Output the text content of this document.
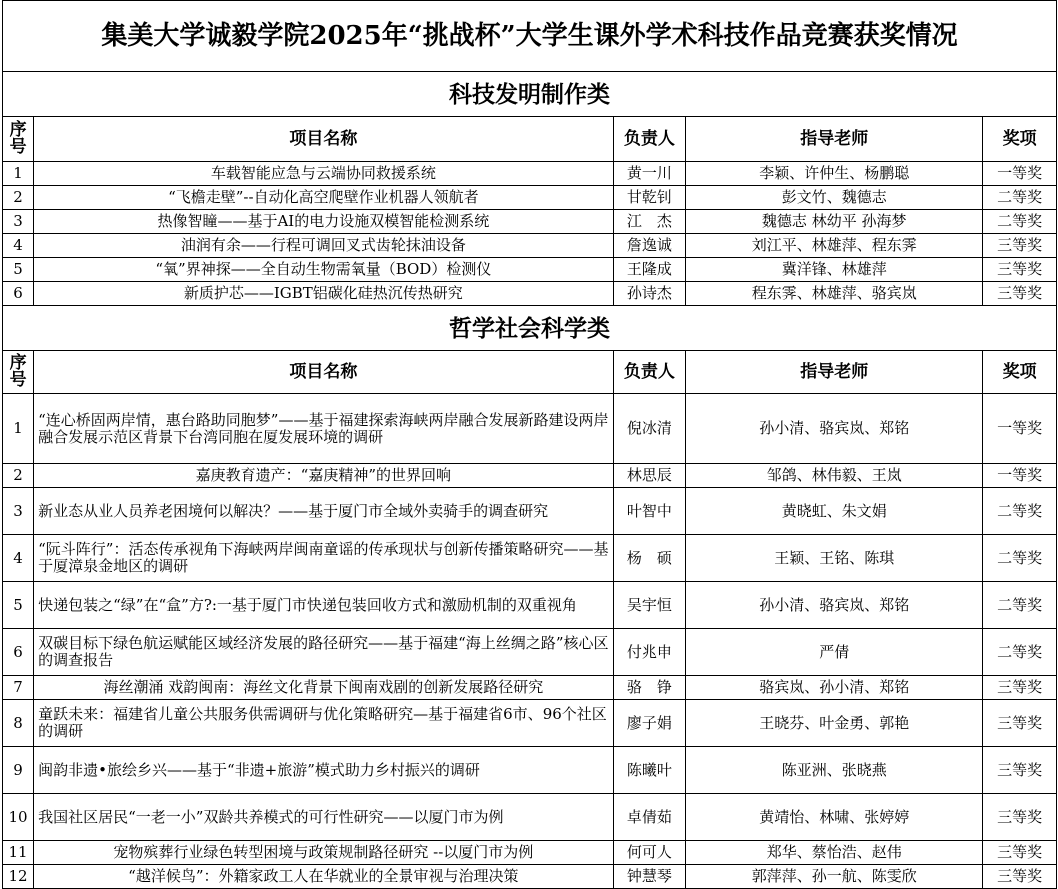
集美大学诚毅学院2025年“挑战杯”大学生课外学术科技作品竞赛获奖情况				
科技发明制作类				
序号	项目名称	负责人	指导老师	奖项
1	车载智能应急与云端协同救援系统	黄一川	李颖、许仲生、杨鹏聪	一等奖
2	“飞檐走壁”--自动化高空爬壁作业机器人领航者	甘乾钊	彭文竹、魏德志	二等奖
3	热像智瞳——基于AI的电力设施双模智能检测系统	江　杰	魏德志 林幼平 孙海梦	二等奖
4	油润有余——行程可调回叉式齿轮抹油设备	詹逸诚	刘江平、林雄萍、程东霁	三等奖
5	“氧”界神探——全自动生物需氧量（BOD）检测仪	王隆成	冀洋锋、林雄萍	三等奖
6	新质护芯——IGBT铝碳化硅热沉传热研究	孙诗杰	程东霁、林雄萍、骆宾岚	三等奖
哲学社会科学类				
序号	项目名称	负责人	指导老师	奖项
1	“连心桥固两岸情，惠台路助同胞梦”——基于福建探索海峡两岸融合发展新路建设两岸融合发展示范区背景下台湾同胞在厦发展环境的调研	倪冰清	孙小清、骆宾岚、郑铭	一等奖
2	嘉庚教育遗产：“嘉庚精神”的世界回响	林思辰	邹鸽、林伟毅、王岚	一等奖
3	新业态从业人员养老困境何以解决？——基于厦门市全域外卖骑手的调查研究	叶智中	黄晓虹、朱文娟	二等奖
4	“阮斗阵行”：活态传承视角下海峡两岸闽南童谣的传承现状与创新传播策略研究——基于厦漳泉金地区的调研	杨　硕	王颖、王铭、陈琪	二等奖
5	快递包装之“绿”在“盒”方?:一基于厦门市快递包装回收方式和激励机制的双重视角	吴宇恒	孙小清、骆宾岚、郑铭	二等奖
6	双碳目标下绿色航运赋能区域经济发展的路径研究——基于福建“海上丝绸之路”核心区的调查报告	付兆申	严倩	二等奖
7	海丝潮涌 戏韵闽南：海丝文化背景下闽南戏剧的创新发展路径研究	骆　铮	骆宾岚、孙小清、郑铭	三等奖
8	童跃未来：福建省儿童公共服务供需调研与优化策略研究—基于福建省6市、96个社区的调研	廖子娟	王晓芬、叶金勇、郭艳	三等奖
9	闽韵非遗•旅绘乡兴——基于“非遗+旅游”模式助力乡村振兴的调研	陈曦叶	陈亚洲、张晓燕	三等奖
10	我国社区居民“一老一小”双龄共养模式的可行性研究——以厦门市为例	卓倩茹	黄靖怡、林啸、张婷婷	三等奖
11	宠物殡葬行业绿色转型困境与政策规制路径研究 --以厦门市为例	何可人	郑华、蔡怡浩、赵伟	三等奖
12	“越洋候鸟”：外籍家政工人在华就业的全景审视与治理决策	钟慧琴	郭萍萍、孙一航、陈雯欣	三等奖
